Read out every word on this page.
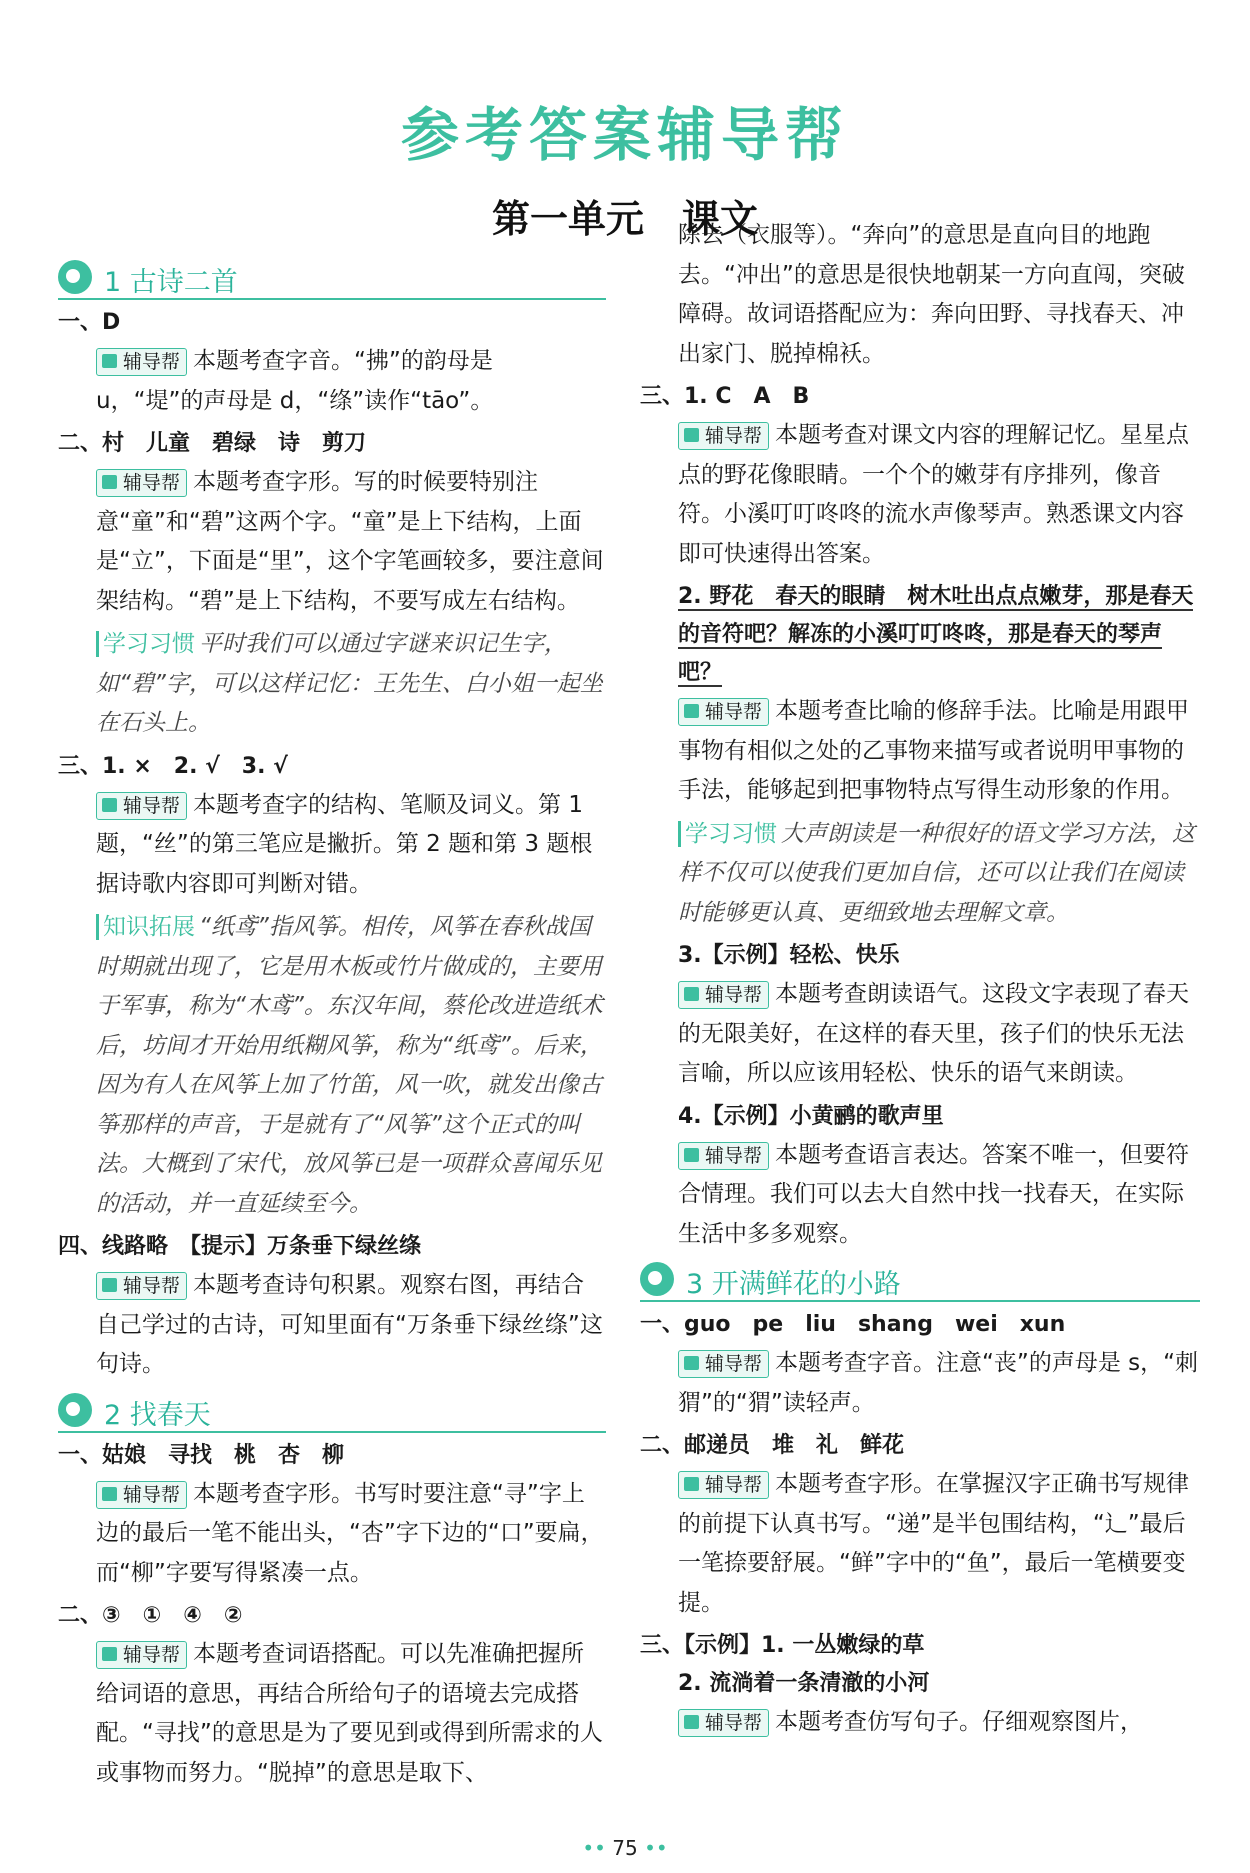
参考答案辅导帮
第一单元　课文
1 古诗二首

一、D

辅导帮 本题考查字音。“拂”的韵母是 u，“堤”的声母是 d，“绦”读作“tāo”。

二、村　儿童　碧绿　诗　剪刀

辅导帮 本题考查字形。写的时候要特别注意“童”和“碧”这两个字。“童”是上下结构，上面是“立”，下面是“里”，这个字笔画较多，要注意间架结构。“碧”是上下结构，不要写成左右结构。

学习习惯 平时我们可以通过字谜来识记生字，如“碧”字，可以这样记忆：王先生、白小姐一起坐在石头上。

三、1. ×　2. √　3. √

辅导帮 本题考查字的结构、笔顺及词义。第 1 题，“丝”的第三笔应是撇折。第 2 题和第 3 题根据诗歌内容即可判断对错。

知识拓展 “纸鸢”指风筝。相传，风筝在春秋战国时期就出现了，它是用木板或竹片做成的，主要用于军事，称为“木鸢”。东汉年间，蔡伦改进造纸术后，坊间才开始用纸糊风筝，称为“纸鸢”。后来，因为有人在风筝上加了竹笛，风一吹，就发出像古筝那样的声音，于是就有了“风筝”这个正式的叫法。大概到了宋代，放风筝已是一项群众喜闻乐见的活动，并一直延续至今。

四、线路略　【提示】万条垂下绿丝绦

辅导帮 本题考查诗句积累。观察右图，再结合自己学过的古诗，可知里面有“万条垂下绿丝绦”这句诗。

2 找春天

一、姑娘　寻找　桃　杏　柳

辅导帮 本题考查字形。书写时要注意“寻”字上边的最后一笔不能出头，“杏”字下边的“口”要扁，而“柳”字要写得紧凑一点。

二、③　①　④　②

辅导帮 本题考查词语搭配。可以先准确把握所给词语的意思，再结合所给句子的语境去完成搭配。“寻找”的意思是为了要见到或得到所需求的人或事物而努力。“脱掉”的意思是取下、

除去（衣服等）。“奔向”的意思是直向目的地跑去。“冲出”的意思是很快地朝某一方向直闯，突破障碍。故词语搭配应为：奔向田野、寻找春天、冲出家门、脱掉棉袄。

三、1. C　A　B

辅导帮 本题考查对课文内容的理解记忆。星星点点的野花像眼睛。一个个的嫩芽有序排列，像音符。小溪叮叮咚咚的流水声像琴声。熟悉课文内容即可快速得出答案。

2. 野花　春天的眼睛　树木吐出点点嫩芽，那是春天的音符吧？解冻的小溪叮叮咚咚，那是春天的琴声吧？

辅导帮 本题考查比喻的修辞手法。比喻是用跟甲事物有相似之处的乙事物来描写或者说明甲事物的手法，能够起到把事物特点写得生动形象的作用。

学习习惯 大声朗读是一种很好的语文学习方法，这样不仅可以使我们更加自信，还可以让我们在阅读时能够更认真、更细致地去理解文章。

3.【示例】轻松、快乐

辅导帮 本题考查朗读语气。这段文字表现了春天的无限美好，在这样的春天里，孩子们的快乐无法言喻，所以应该用轻松、快乐的语气来朗读。

4.【示例】小黄鹂的歌声里

辅导帮 本题考查语言表达。答案不唯一，但要符合情理。我们可以去大自然中找一找春天，在实际生活中多多观察。

3 开满鲜花的小路

一、guo　pe　liu　shang　wei　xun

辅导帮 本题考查字音。注意“丧”的声母是 s，“刺猬”的“猬”读轻声。

二、邮递员　堆　礼　鲜花

辅导帮 本题考查字形。在掌握汉字正确书写规律的前提下认真书写。“递”是半包围结构，“辶”最后一笔捺要舒展。“鲜”字中的“鱼”，最后一笔横要变提。

三、【示例】1. 一丛嫩绿的草

2. 流淌着一条清澈的小河

辅导帮 本题考查仿写句子。仔细观察图片，

•• 75 ••
